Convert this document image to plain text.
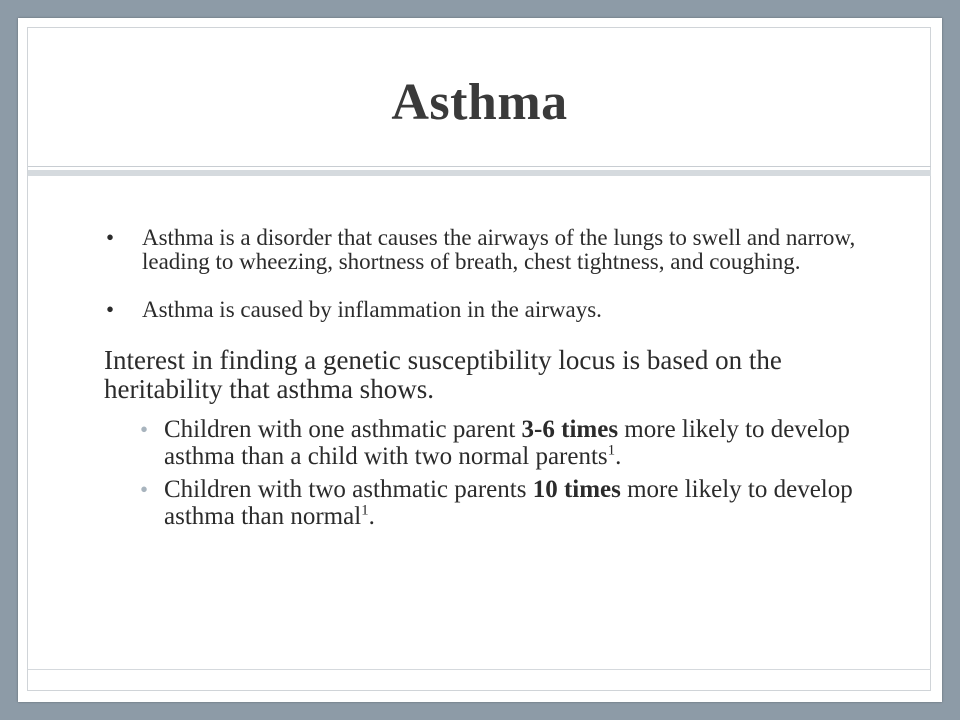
Asthma
• Asthma is a disorder that causes the airways of the lungs to swell and narrow, leading to wheezing, shortness of breath, chest tightness, and coughing.
• Asthma is caused by inflammation in the airways.
Interest in finding a genetic susceptibility locus is based on the heritability that asthma shows.
• Children with one asthmatic parent 3-6 times more likely to develop asthma than a child with two normal parents$^1$.
• Children with two asthmatic parents 10 times more likely to develop asthma than normal$^1$.
